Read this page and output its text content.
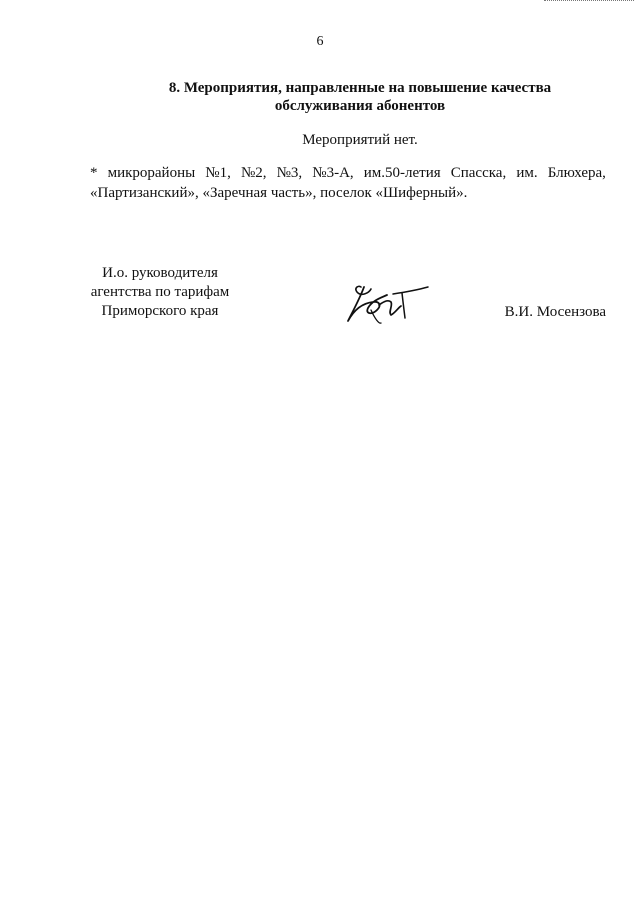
6
8. Мероприятия, направленные на повышение качества
обслуживания абонентов
Мероприятий нет.
* микрорайоны №1, №2, №3, №3-А, им.50-летия Спасска, им. Блюхера,
«Партизанский», «Заречная часть», поселок «Шиферный».
И.о. руководителя
агентства по тарифам
Приморского края	В.И. Мосензова
